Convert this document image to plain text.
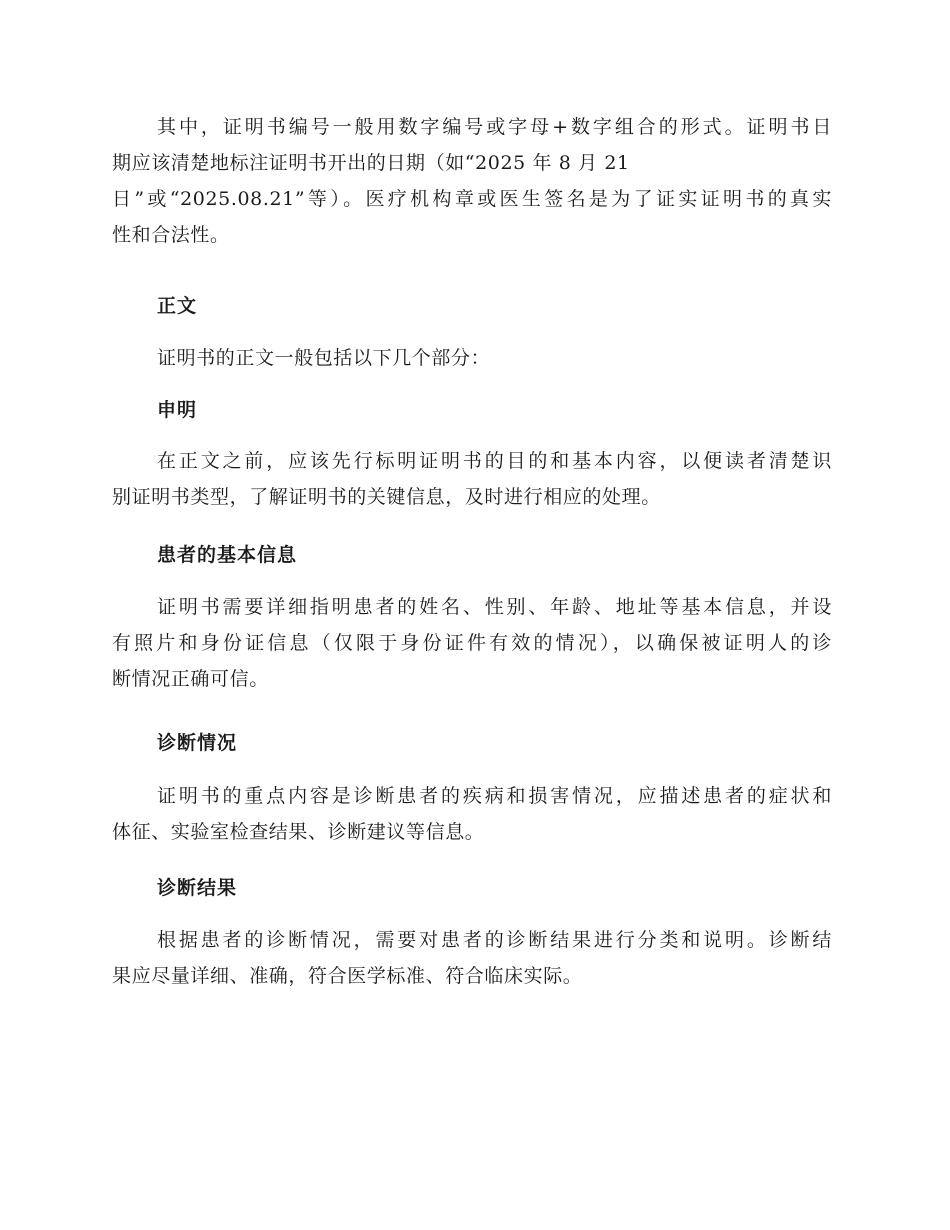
其中，证明书编号一般用数字编号或字母+数字组合的形式。证明书日
期应该清楚地标注证明书开出的日期（如“2025 年 8 月 21
日”或“2025.08.21”等）。医疗机构章或医生签名是为了证实证明书的真实
性和合法性。

正文

证明书的正文一般包括以下几个部分：

申明

在正文之前，应该先行标明证明书的目的和基本内容，以便读者清楚识
别证明书类型，了解证明书的关键信息，及时进行相应的处理。

患者的基本信息

证明书需要详细指明患者的姓名、性别、年龄、地址等基本信息，并设
有照片和身份证信息（仅限于身份证件有效的情况），以确保被证明人的诊
断情况正确可信。

诊断情况

证明书的重点内容是诊断患者的疾病和损害情况，应描述患者的症状和
体征、实验室检查结果、诊断建议等信息。

诊断结果

根据患者的诊断情况，需要对患者的诊断结果进行分类和说明。诊断结
果应尽量详细、准确，符合医学标准、符合临床实际。
